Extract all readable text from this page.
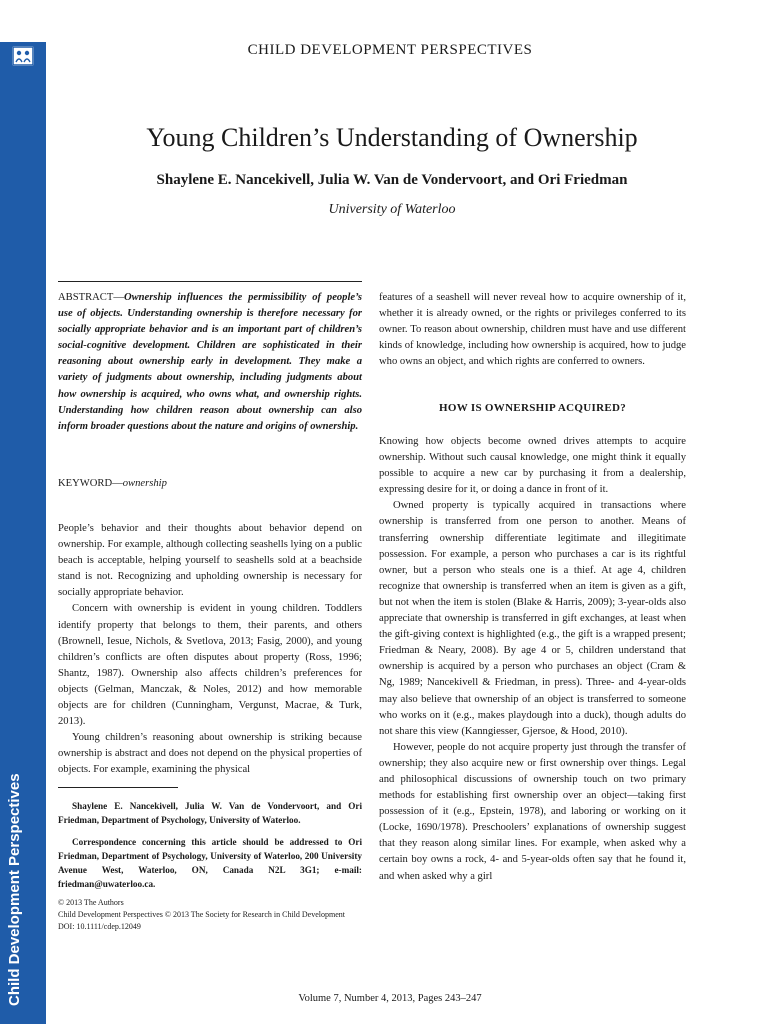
Child Development Perspectives
CHILD DEVELOPMENT PERSPECTIVES
Young Children’s Understanding of Ownership
Shaylene E. Nancekivell, Julia W. Van de Vondervoort, and Ori Friedman
University of Waterloo
ABSTRACT—Ownership influences the permissibility of people’s use of objects. Understanding ownership is therefore necessary for socially appropriate behavior and is an important part of children’s social-cognitive development. Children are sophisticated in their reasoning about ownership early in development. They make a variety of judgments about ownership, including judgments about how ownership is acquired, who owns what, and ownership rights. Understanding how children reason about ownership can also inform broader questions about the nature and origins of ownership.
KEYWORD—ownership

People’s behavior and their thoughts about behavior depend on ownership. For example, although collecting seashells lying on a public beach is acceptable, helping yourself to seashells sold at a beachside stand is not. Recognizing and upholding ownership is necessary for socially appropriate behavior.

Concern with ownership is evident in young children. Toddlers identify property that belongs to them, their parents, and others (Brownell, Iesue, Nichols, & Svetlova, 2013; Fasig, 2000), and young children’s conflicts are often disputes about property (Ross, 1996; Shantz, 1987). Ownership also affects children’s preferences for objects (Gelman, Manczak, & Noles, 2012) and how memorable objects are for children (Cunningham, Vergunst, Macrae, & Turk, 2013).

Young children’s reasoning about ownership is striking because ownership is abstract and does not depend on the physical properties of objects. For example, examining the physical

Shaylene E. Nancekivell, Julia W. Van de Vondervoort, and Ori Friedman, Department of Psychology, University of Waterloo.

Correspondence concerning this article should be addressed to Ori Friedman, Department of Psychology, University of Waterloo, 200 University Avenue West, Waterloo, ON, Canada N2L 3G1; e-mail: friedman@uwaterloo.ca.

© 2013 The Authors

Child Development Perspectives © 2013 The Society for Research in Child Development

DOI: 10.1111/cdep.12049

features of a seashell will never reveal how to acquire ownership of it, whether it is already owned, or the rights or privileges conferred to its owner. To reason about ownership, children must have and use different kinds of knowledge, including how ownership is acquired, how to judge who owns an object, and which rights are conferred to owners.

HOW IS OWNERSHIP ACQUIRED?

Knowing how objects become owned drives attempts to acquire ownership. Without such causal knowledge, one might think it equally possible to acquire a new car by purchasing it from a dealership, expressing desire for it, or doing a dance in front of it.

Owned property is typically acquired in transactions where ownership is transferred from one person to another. Means of transferring ownership differentiate legitimate and illegitimate possession. For example, a person who purchases a car is its rightful owner, but a person who steals one is a thief. At age 4, children recognize that ownership is transferred when an item is given as a gift, but not when the item is stolen (Blake & Harris, 2009); 3-year-olds also appreciate that ownership is transferred in gift exchanges, at least when the gift-giving context is highlighted (e.g., the gift is a wrapped present; Friedman & Neary, 2008). By age 4 or 5, children understand that ownership is acquired by a person who purchases an object (Cram & Ng, 1989; Nancekivell & Friedman, in press). Three- and 4-year-olds may also believe that ownership of an object is transferred to someone who works on it (e.g., makes playdough into a duck), though adults do not share this view (Kanngiesser, Gjersoe, & Hood, 2010).

However, people do not acquire property just through the transfer of ownership; they also acquire new or first ownership over things. Legal and philosophical discussions of ownership touch on two primary methods for establishing first ownership over an object—taking first possession of it (e.g., Epstein, 1978), and laboring or working on it (Locke, 1690/1978). Preschoolers’ explanations of ownership suggest that they reason along similar lines. For example, when asked why a certain boy owns a rock, 4- and 5-year-olds often say that he found it, and when asked why a girl

Volume 7, Number 4, 2013, Pages 243–247
